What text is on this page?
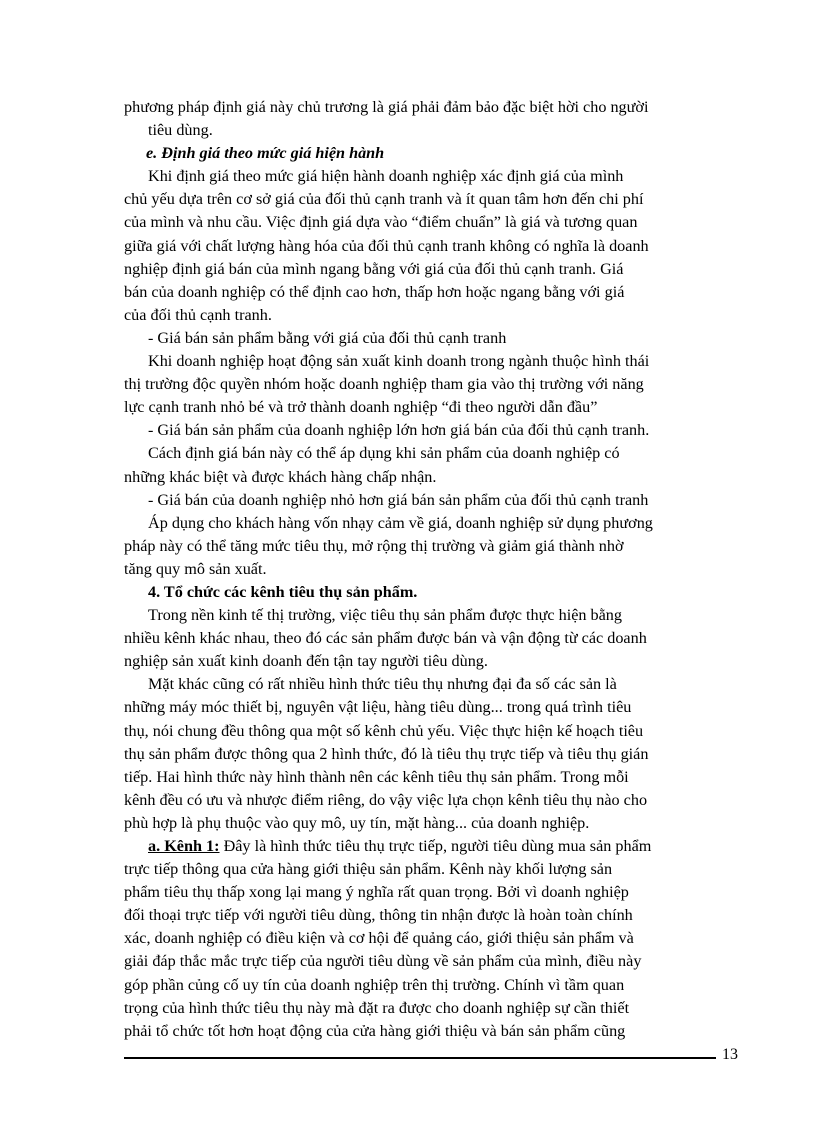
phương pháp định giá này chủ trương là giá phải đảm bảo đặc biệt hời cho người
tiêu dùng.
e. Định giá theo mức giá hiện hành
Khi định giá theo mức giá hiện hành doanh nghiệp xác định giá của mình
chủ yếu dựa trên cơ sở giá của đối thủ cạnh tranh và ít quan tâm hơn đến chi phí
của mình và nhu cầu. Việc định giá dựa vào “điểm chuẩn” là giá và tương quan
giữa giá với chất lượng hàng hóa của đối thủ cạnh tranh không có nghĩa là doanh
nghiệp định giá bán của mình ngang bằng với giá của đối thủ cạnh tranh. Giá
bán của doanh nghiệp có thể định cao hơn, thấp hơn hoặc ngang bằng với giá
của đối thủ cạnh tranh.
- Giá bán sản phẩm bằng với giá của đối thủ cạnh tranh
Khi doanh nghiệp hoạt động sản xuất kinh doanh trong ngành thuộc hình thái
thị trường độc quyền nhóm hoặc doanh nghiệp tham gia vào thị trường với năng
lực cạnh tranh nhỏ bé và trở thành doanh nghiệp “đi theo người dẫn đầu”
- Giá bán sản phẩm của doanh nghiệp lớn hơn giá bán của đối thủ cạnh tranh.
Cách định giá bán này có thể áp dụng khi sản phẩm của doanh nghiệp có
những khác biệt và được khách hàng chấp nhận.
- Giá bán của doanh nghiệp nhỏ hơn giá bán sản phẩm của đối thủ cạnh tranh
Áp dụng cho khách hàng vốn nhạy cảm về giá, doanh nghiệp sử dụng phương
pháp này có thể tăng mức tiêu thụ, mở rộng thị trường và giảm giá thành nhờ
tăng quy mô sản xuất.
4. Tổ chức các kênh tiêu thụ sản phẩm.
Trong nền kinh tế thị trường, việc tiêu thụ sản phẩm được thực hiện bằng
nhiều kênh khác nhau, theo đó các sản phẩm được bán và vận động từ các doanh
nghiệp sản xuất kinh doanh đến tận tay người tiêu dùng.
Mặt khác cũng có rất nhiều hình thức tiêu thụ nhưng đại đa số các sản là
những máy móc thiết bị, nguyên vật liệu, hàng tiêu dùng... trong quá trình tiêu
thụ, nói chung đều thông qua một số kênh chủ yếu. Việc thực hiện kế hoạch tiêu
thụ sản phẩm được thông qua 2 hình thức, đó là tiêu thụ trực tiếp và tiêu thụ gián
tiếp. Hai hình thức này hình thành nên các kênh tiêu thụ sản phẩm. Trong mỗi
kênh đều có ưu và nhược điểm riêng, do vậy việc lựa chọn kênh tiêu thụ nào cho
phù hợp là phụ thuộc vào quy mô, uy tín, mặt hàng... của doanh nghiệp.
a. Kênh 1: Đây là hình thức tiêu thụ trực tiếp, người tiêu dùng mua sản phẩm
trực tiếp thông qua cửa hàng giới thiệu sản phẩm. Kênh này khối lượng sản
phẩm tiêu thụ thấp xong lại mang ý nghĩa rất quan trọng. Bởi vì doanh nghiệp
đối thoại trực tiếp với người tiêu dùng, thông tin nhận được là hoàn toàn chính
xác, doanh nghiệp có điều kiện và cơ hội để quảng cáo, giới thiệu sản phẩm và
giải đáp thắc mắc trực tiếp của người tiêu dùng về sản phẩm của mình, điều này
góp phần củng cố uy tín của doanh nghiệp trên thị trường. Chính vì tầm quan
trọng của hình thức tiêu thụ này mà đặt ra được cho doanh nghiệp sự cần thiết
phải tổ chức tốt hơn hoạt động của cửa hàng giới thiệu và bán sản phẩm cũng
13
